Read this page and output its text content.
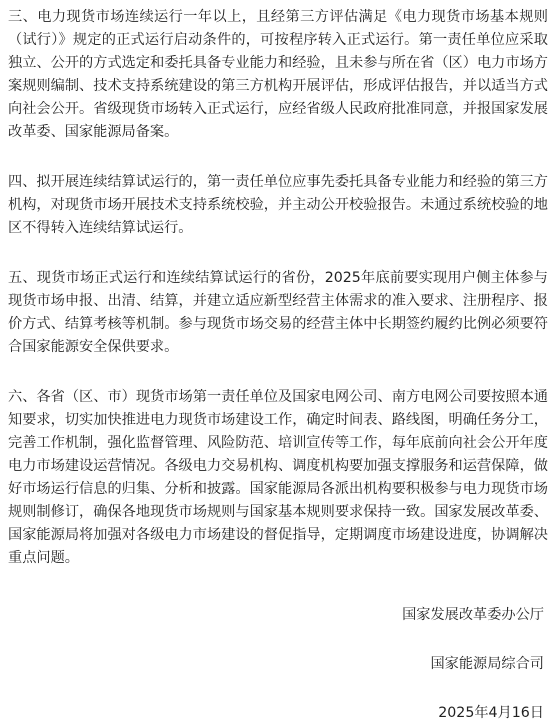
三、电力现货市场连续运行一年以上，且经第三方评估满足《电力现货市场基本规则（试行）》规定的正式运行启动条件的，可按程序转入正式运行。第一责任单位应采取独立、公开的方式选定和委托具备专业能力和经验，且未参与所在省（区）电力市场方案规则编制、技术支持系统建设的第三方机构开展评估，形成评估报告，并以适当方式向社会公开。省级现货市场转入正式运行，应经省级人民政府批准同意，并报国家发展改革委、国家能源局备案。

四、拟开展连续结算试运行的，第一责任单位应事先委托具备专业能力和经验的第三方机构，对现货市场开展技术支持系统校验，并主动公开校验报告。未通过系统校验的地区不得转入连续结算试运行。

五、现货市场正式运行和连续结算试运行的省份，2025年底前要实现用户侧主体参与现货市场申报、出清、结算，并建立适应新型经营主体需求的准入要求、注册程序、报价方式、结算考核等机制。参与现货市场交易的经营主体中长期签约履约比例必须要符合国家能源安全保供要求。

六、各省（区、市）现货市场第一责任单位及国家电网公司、南方电网公司要按照本通知要求，切实加快推进电力现货市场建设工作，确定时间表、路线图，明确任务分工，完善工作机制，强化监督管理、风险防范、培训宣传等工作，每年底前向社会公开年度电力市场建设运营情况。各级电力交易机构、调度机构要加强支撑服务和运营保障，做好市场运行信息的归集、分析和披露。国家能源局各派出机构要积极参与电力现货市场规则制修订，确保各地现货市场规则与国家基本规则要求保持一致。国家发展改革委、国家能源局将加强对各级电力市场建设的督促指导，定期调度市场建设进度，协调解决重点问题。

国家发展改革委办公厅

国家能源局综合司

2025年4月16日
